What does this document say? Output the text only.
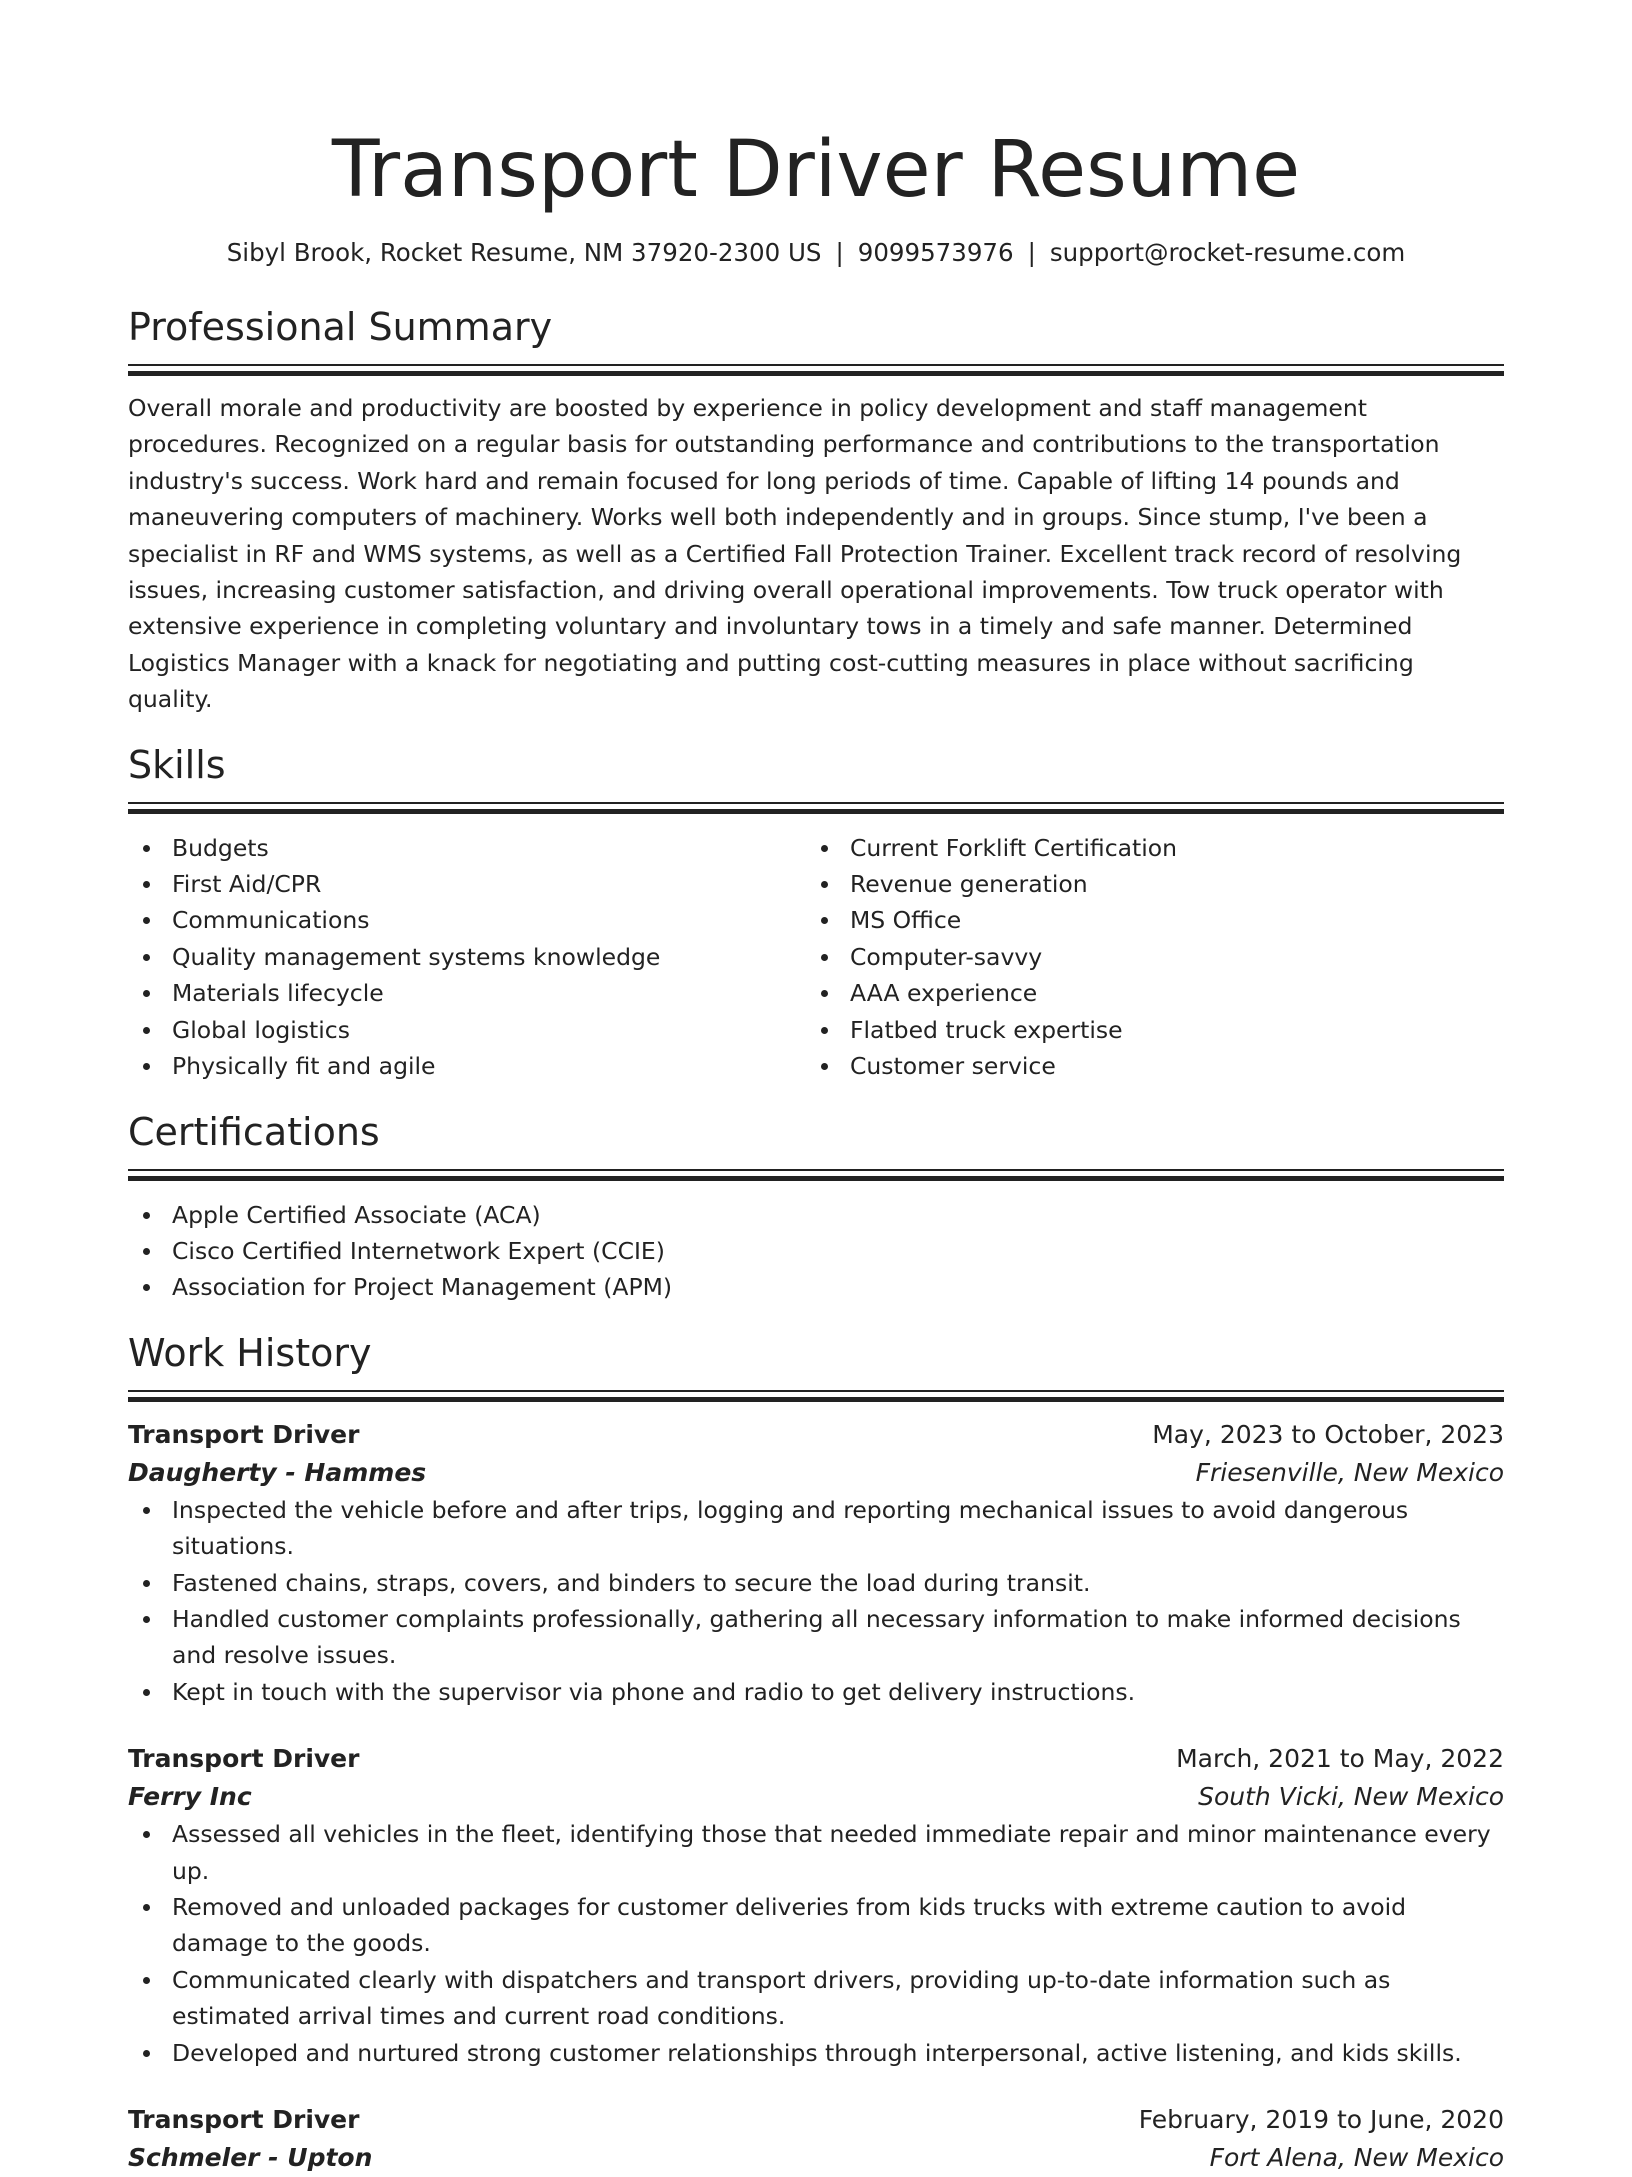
Transport Driver Resume
Sibyl Brook, Rocket Resume, NM 37920-2300 US | 9099573976 | support@rocket-resume.com
Professional Summary

Overall morale and productivity are boosted by experience in policy development and staff management procedures. Recognized on a regular basis for outstanding performance and contributions to the transportation industry's success. Work hard and remain focused for long periods of time. Capable of lifting 14 pounds and maneuvering computers of machinery. Works well both independently and in groups. Since stump, I've been a specialist in RF and WMS systems, as well as a Certified Fall Protection Trainer. Excellent track record of resolving issues, increasing customer satisfaction, and driving overall operational improvements. Tow truck operator with extensive experience in completing voluntary and involuntary tows in a timely and safe manner. Determined Logistics Manager with a knack for negotiating and putting cost-cutting measures in place without sacrificing quality.

Skills
Budgets
First Aid/CPR
Communications
Quality management systems knowledge
Materials lifecycle
Global logistics
Physically fit and agile
Current Forklift Certification
Revenue generation
MS Office
Computer-savvy
AAA experience
Flatbed truck expertise
Customer service
Certifications
Apple Certified Associate (ACA)
Cisco Certified Internetwork Expert (CCIE)
Association for Project Management (APM)
Work History
Transport Driver	May, 2023 to October, 2023
Daugherty - Hammes	Friesenville, New Mexico
Inspected the vehicle before and after trips, logging and reporting mechanical issues to avoid dangerous situations.
Fastened chains, straps, covers, and binders to secure the load during transit.
Handled customer complaints professionally, gathering all necessary information to make informed decisions and resolve issues.
Kept in touch with the supervisor via phone and radio to get delivery instructions.
Transport Driver	March, 2021 to May, 2022
Ferry Inc	South Vicki, New Mexico
Assessed all vehicles in the fleet, identifying those that needed immediate repair and minor maintenance every up.
Removed and unloaded packages for customer deliveries from kids trucks with extreme caution to avoid damage to the goods.
Communicated clearly with dispatchers and transport drivers, providing up-to-date information such as estimated arrival times and current road conditions.
Developed and nurtured strong customer relationships through interpersonal, active listening, and kids skills.
Transport Driver	February, 2019 to June, 2020
Schmeler - Upton	Fort Alena, New Mexico
